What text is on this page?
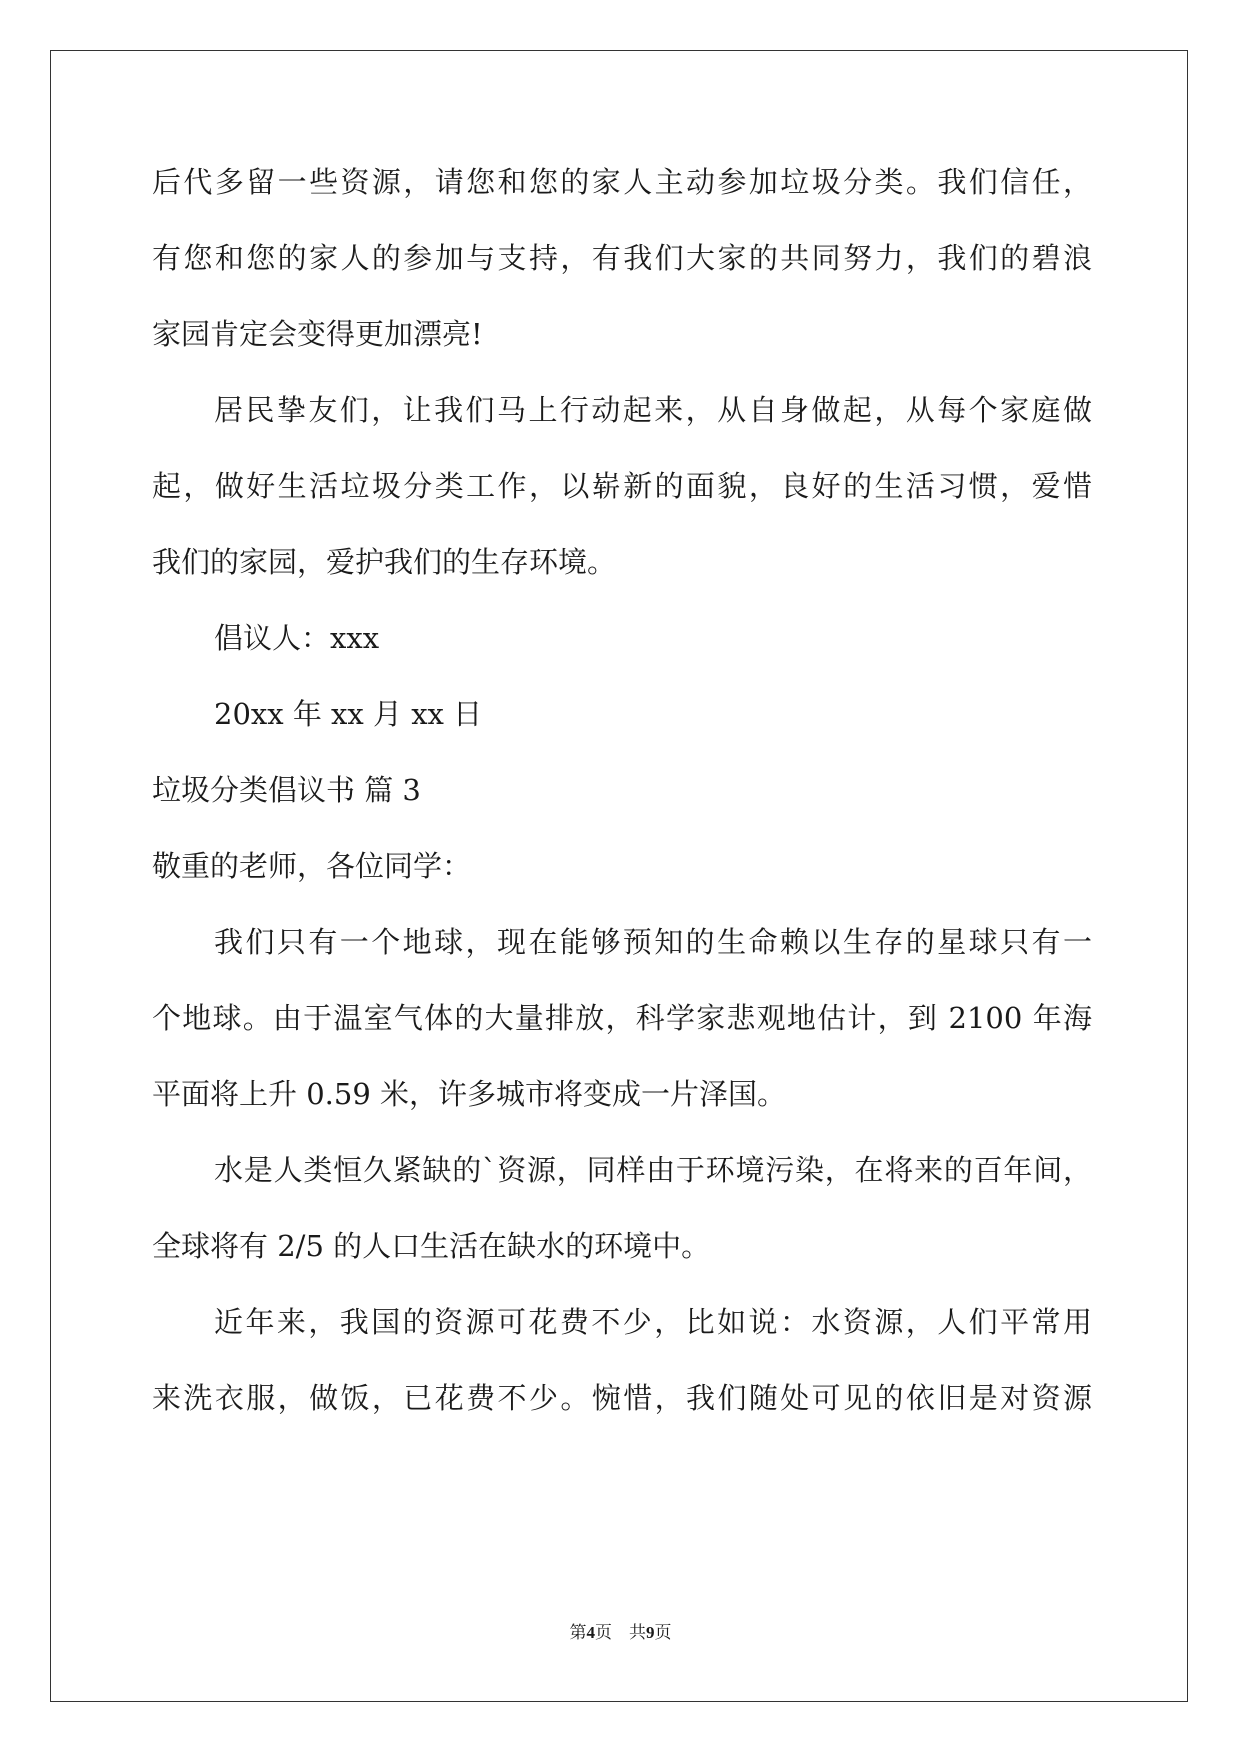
后代多留一些资源，请您和您的家人主动参加垃圾分类。我们信任，

有您和您的家人的参加与支持，有我们大家的共同努力，我们的碧浪

家园肯定会变得更加漂亮!

居民挚友们，让我们马上行动起来，从自身做起，从每个家庭做

起，做好生活垃圾分类工作，以崭新的面貌，良好的生活习惯，爱惜

我们的家园，爱护我们的生存环境。

倡议人：xxx

20xx 年 xx 月 xx 日

垃圾分类倡议书 篇 3

敬重的老师，各位同学：

我们只有一个地球，现在能够预知的生命赖以生存的星球只有一

个地球。由于温室气体的大量排放，科学家悲观地估计，到 2100 年海

平面将上升 0.59 米，许多城市将变成一片泽国。

水是人类恒久紧缺的`资源，同样由于环境污染，在将来的百年间，

全球将有 2/5 的人口生活在缺水的环境中。

近年来，我国的资源可花费不少，比如说：水资源，人们平常用

来洗衣服，做饭，已花费不少。惋惜，我们随处可见的依旧是对资源

第4页　共9页
